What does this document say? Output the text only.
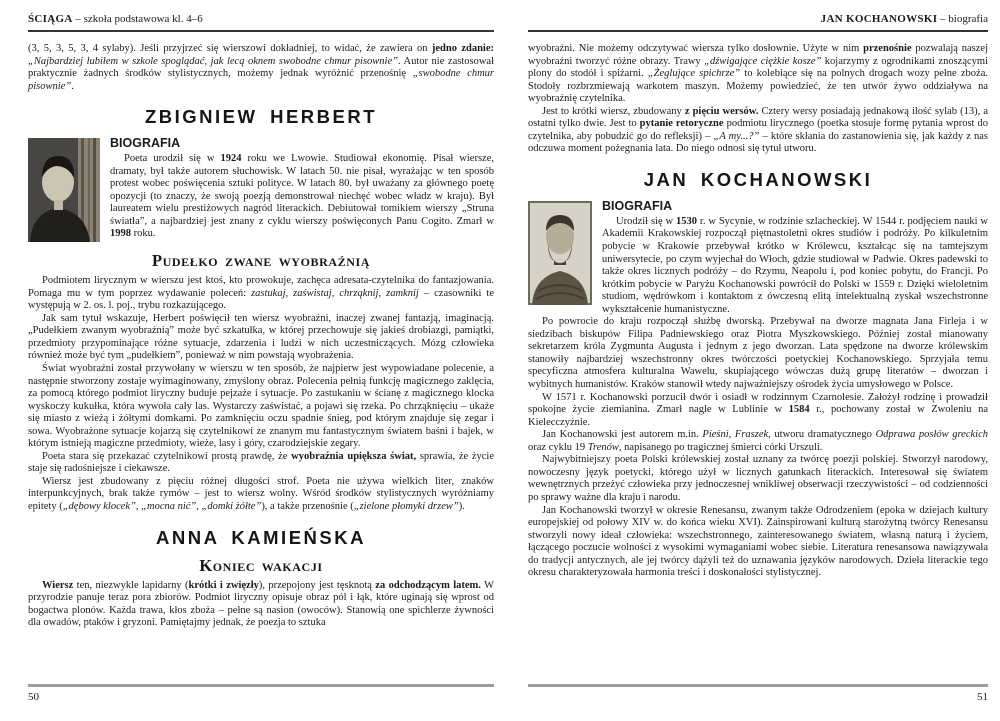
ŚCIĄGA – szkoła podstawowa kl. 4–6

(3, 5, 3, 5, 3, 4 sylaby). Jeśli przyjrzeć się wierszowi dokładniej, to widać, że zawiera on jedno zdanie: „Najbardziej lubiłem w szkole spoglądać, jak lecą oknem swobodne chmur pisownie”. Autor nie zastosował praktycznie żadnych środków stylistycznych, możemy jednak wyróżnić przenośnię „swobodne chmur pisownie”.

ZBIGNIEW HERBERT
BIOGRAFIA

Poeta urodził się w 1924 roku we Lwowie. Studiował ekonomię. Pisał wiersze, dramaty, był także autorem słuchowisk. W latach 50. nie pisał, wyrażając w ten sposób protest wobec poświęcenia sztuki polityce. W latach 80. był uważany za głównego poetę opozycji (to znaczy, że swoją poezją demonstrował niechęć wobec władz w kraju). Był laureatem wielu prestiżowych nagród literackich. Debiutował tomikiem wierszy „Struna światła”, a najbardziej jest znany z cyklu wierszy poświęconych Panu Cogito. Zmarł w 1998 roku.

Pudełko zwane wyobraźnią

Podmiotem lirycznym w wierszu jest ktoś, kto prowokuje, zachęca adresata-czytelnika do fantazjowania. Pomaga mu w tym poprzez wydawanie poleceń: zastukaj, zaświstaj, chrząknij, zamknij – czasowniki te występują w 2. os. l. poj., trybu rozkazującego.

Jak sam tytuł wskazuje, Herbert poświęcił ten wiersz wyobraźni, inaczej zwanej fantazją, imaginacją. „Pudełkiem zwanym wyobraźnią” może być szkatułka, w której przechowuje się jakieś drobiazgi, pamiątki, przedmioty przypominające różne sytuacje, zdarzenia i ludzi w nich uczestniczących. Mózg człowieka również może być tym „pudełkiem”, ponieważ w nim powstają wyobrażenia.

Świat wyobraźni został przywołany w wierszu w ten sposób, że najpierw jest wypowiadane polecenie, a następnie stworzony zostaje wyimaginowany, zmyślony obraz. Polecenia pełnią funkcję magicznego zaklęcia, za pomocą którego podmiot liryczny buduje pejzaże i sytuacje. Po zastukaniu w ścianę z magicznego klocka wyskoczy kukułka, która wywoła cały las. Wystarczy zaświstać, a pojawi się rzeka. Po chrząknięciu – ukaże się miasto z wieżą i żółtymi domkami. Po zamknięciu oczu spadnie śnieg, pod którym znajduje się zegar i sowa. Wyobrażone sytuacje kojarzą się czytelnikowi ze znanym mu fantastycznym światem baśni i bajek, w którym istnieją magiczne przedmioty, wieże, lasy i góry, czarodziejskie zegary.

Poeta stara się przekazać czytelnikowi prostą prawdę, że wyobraźnia upiększa świat, sprawia, że życie staje się radośniejsze i ciekawsze.

Wiersz jest zbudowany z pięciu różnej długości strof. Poeta nie używa wielkich liter, znaków interpunkcyjnych, brak także rymów – jest to wiersz wolny. Wśród środków stylistycznych wyróżniamy epitety („dębowy klocek”, „mocna nić”, „domki żółte”), a także przenośnie („zielone płomyki drzew”).

ANNA KAMIEŃSKA
Koniec wakacji

Wiersz ten, niezwykle lapidarny (krótki i zwięzły), przepojony jest tęsknotą za odchodzącym latem. W przyrodzie panuje teraz pora zbiorów. Podmiot liryczny opisuje obraz pól i łąk, które uginają się wprost od bogactwa plonów. Każda trawa, kłos zboża – pełne są nasion (owoców). Stanowią one spichlerze żywności dla owadów, ptaków i gryzoni. Pamiętajmy jednak, że poezja to sztuka

50
JAN KOCHANOWSKI – biografia

wyobraźni. Nie możemy odczytywać wiersza tylko dosłownie. Użyte w nim przenośnie pozwalają naszej wyobraźni tworzyć różne obrazy. Trawy „dźwigające ciężkie kosze” kojarzymy z ogrodnikami znoszącymi plony do stodół i spiżarni. „Żeglujące spichrze” to kolebiące się na polnych drogach wozy pełne zboża. Stodoły rozbrzmiewają warkotem maszyn. Możemy powiedzieć, że ten utwór żywo oddziaływa na wyobraźnię czytelnika.

Jest to krótki wiersz, zbudowany z pięciu wersów. Cztery wersy posiadają jednakową ilość sylab (13), a ostatni tylko dwie. Jest to pytanie retoryczne podmiotu lirycznego (poetka stosuje formę pytania wprost do czytelnika, aby pobudzić go do refleksji) – „A my...?” – które skłania do zastanowienia się, jak każdy z nas odczuwa moment pożegnania lata. Do niego odnosi się tytuł utworu.

JAN KOCHANOWSKI
BIOGRAFIA

Urodził się w 1530 r. w Sycynie, w rodzinie szlacheckiej. W 1544 r. podjęciem nauki w Akademii Krakowskiej rozpoczął piętnastoletni okres studiów i podróży. Po kilkuletnim pobycie w Krakowie przebywał krótko w Królewcu, kształcąc się na tamtejszym uniwersytecie, po czym wyjechał do Włoch, gdzie studiował w Padwie. Okres padewski to także okres licznych podróży – do Rzymu, Neapolu i, pod koniec pobytu, do Francji. Po krótkim pobycie w Paryżu Kochanowski powrócił do Polski w 1559 r. Dzięki wieloletnim studiom, wędrówkom i kontaktom z ówczesną elitą intelektualną zyskał wszechstronne wykształcenie humanistyczne.

Po powrocie do kraju rozpoczął służbę dworską. Przebywał na dworze magnata Jana Firleja i w siedzibach biskupów Filipa Padniewskiego oraz Piotra Myszkowskiego. Później został mianowany sekretarzem króla Zygmunta Augusta i jednym z jego dworzan. Lata spędzone na dworze królewskim stanowiły najbardziej wszechstronny okres twórczości poetyckiej Kochanowskiego. Sprzyjała temu specyficzna atmosfera kulturalna Wawelu, skupiającego wówczas dużą grupę literatów – dworzan i wybitnych humanistów. Kraków stanowił wtedy najważniejszy ośrodek życia umysłowego w Polsce.

W 1571 r. Kochanowski porzucił dwór i osiadł w rodzinnym Czarnolesie. Założył rodzinę i prowadził spokojne życie ziemianina. Zmarł nagle w Lublinie w 1584 r., pochowany został w Zwoleniu na Kielecczyźnie.

Jan Kochanowski jest autorem m.in. Pieśni, Fraszek, utworu dramatycznego Odprawa posłów greckich oraz cyklu 19 Trenów, napisanego po tragicznej śmierci córki Urszuli.

Najwybitniejszy poeta Polski królewskiej został uznany za twórcę poezji polskiej. Stworzył narodowy, nowoczesny język poetycki, którego użył w licznych gatunkach literackich. Interesował się światem wewnętrznych przeżyć człowieka przy jednoczesnej wnikliwej obserwacji rzeczywistości – od codzienności po sprawy ważne dla kraju i narodu.

Jan Kochanowski tworzył w okresie Renesansu, zwanym także Odrodzeniem (epoka w dziejach kultury europejskiej od połowy XIV w. do końca wieku XVI). Zainspirowani kulturą starożytną twórcy Renesansu stworzyli nowy ideał człowieka: wszechstronnego, zainteresowanego światem, własną naturą i życiem, łączącego poczucie wolności z wysokimi wymaganiami wobec siebie. Literatura renesansowa nawiązywała do tradycji antycznych, ale jej twórcy dążyli też do uznawania języków narodowych. Dzieła literackie tego okresu charakteryzowała harmonia treści i doskonałości stylistycznej.

51
